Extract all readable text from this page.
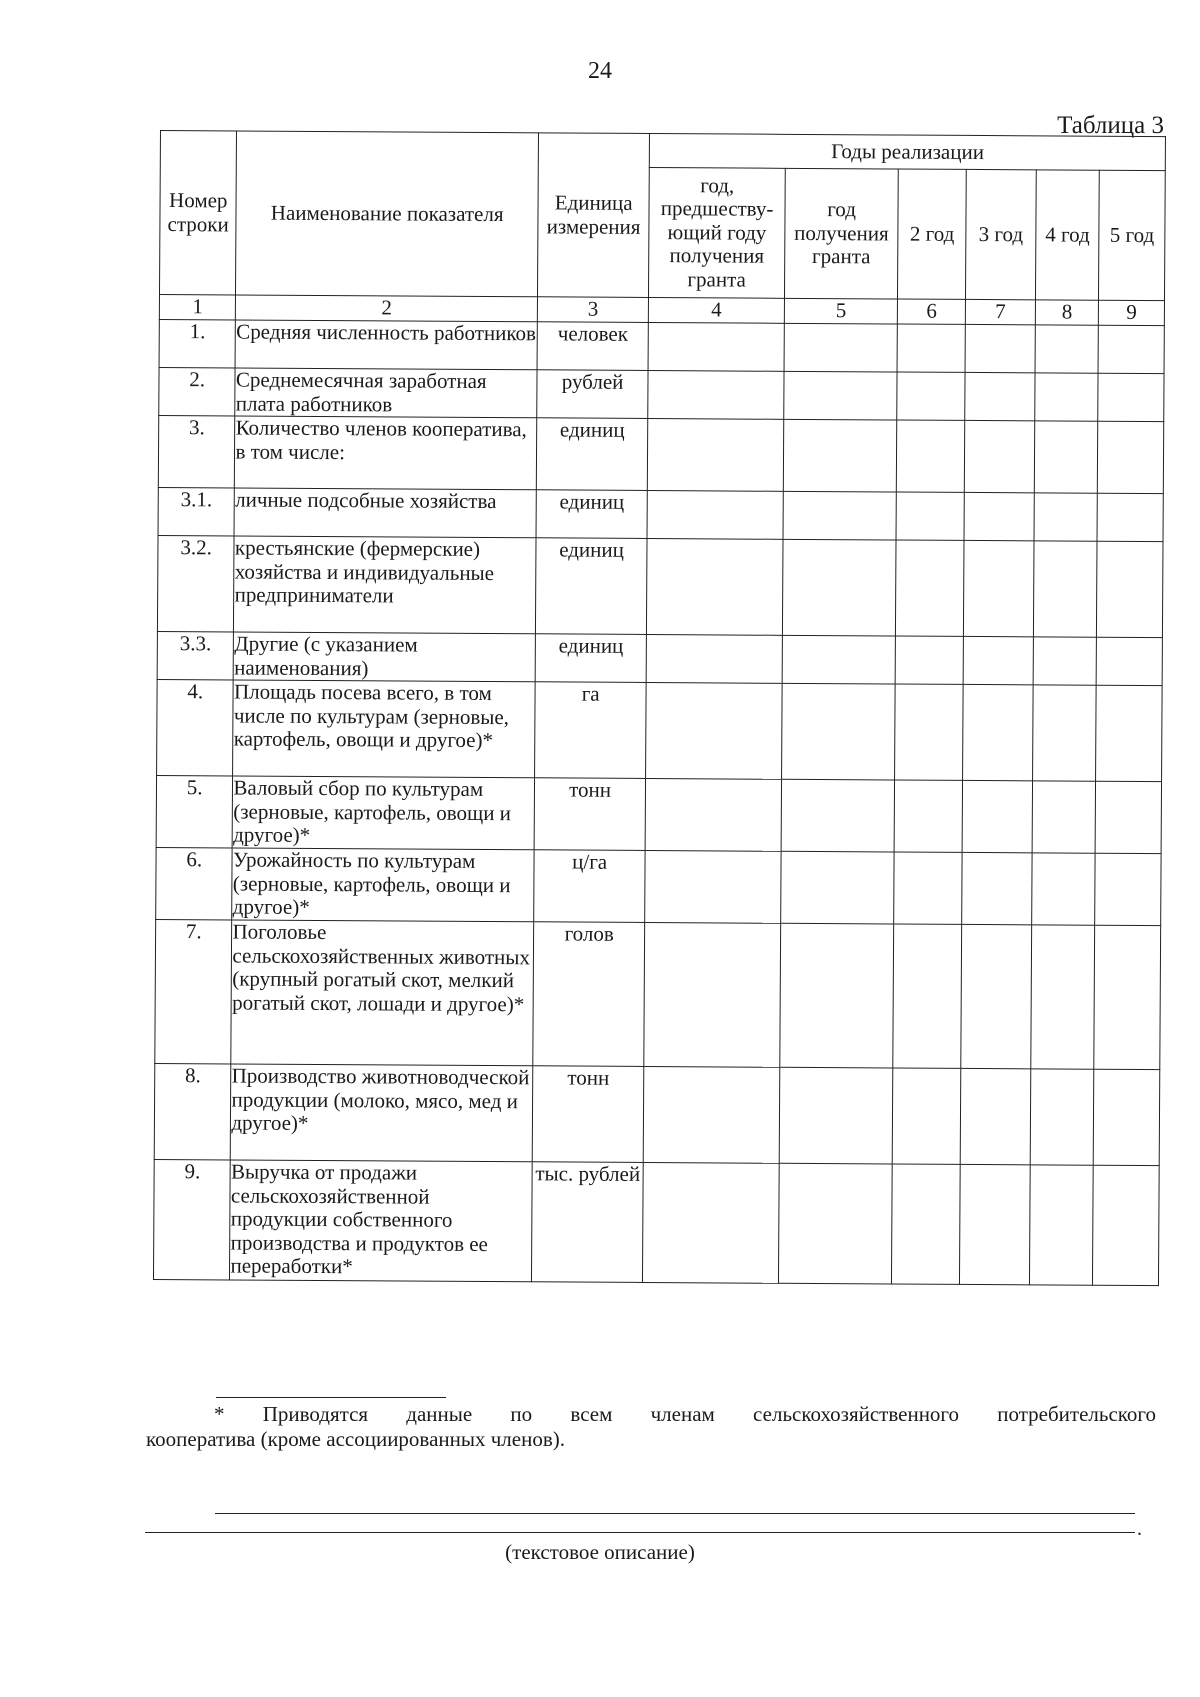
24
Таблица 3
Номер строки	Наименование показателя	Единица измерения	Годы реализации					
			год, предшеству-ющий году получения гранта	год получения гранта	2 год	3 год	4 год	5 год
1	2	3	4	5	6	7	8	9
1.	Средняя численность работников	человек						
2.	Среднемесячная заработная плата работников	рублей						
3.	Количество членов кооператива, в том числе:	единиц						
3.1.	личные подсобные хозяйства	единиц						
3.2.	крестьянские (фермерские) хозяйства и индивидуальные предприниматели	единиц						
3.3.	Другие (с указанием наименования)	единиц						
4.	Площадь посева всего, в том числе по культурам (зерновые, картофель, овощи и другое)*	га						
5.	Валовый сбор по культурам (зерновые, картофель, овощи и другое)*	тонн						
6.	Урожайность по культурам (зерновые, картофель, овощи и другое)*	ц/га						
7.	Поголовье сельскохозяйственных животных (крупный рогатый скот, мелкий рогатый скот, лошади и другое)*	голов						
8.	Производство животноводческой продукции (молоко, мясо, мед и другое)*	тонн						
9.	Выручка от продажи сельскохозяйственной продукции собственного производства и продуктов ее переработки*	тыс. рублей						
* Приводятся данные по всем членам сельскохозяйственного потребительского
кооператива (кроме ассоциированных членов).
.
(текстовое описание)
